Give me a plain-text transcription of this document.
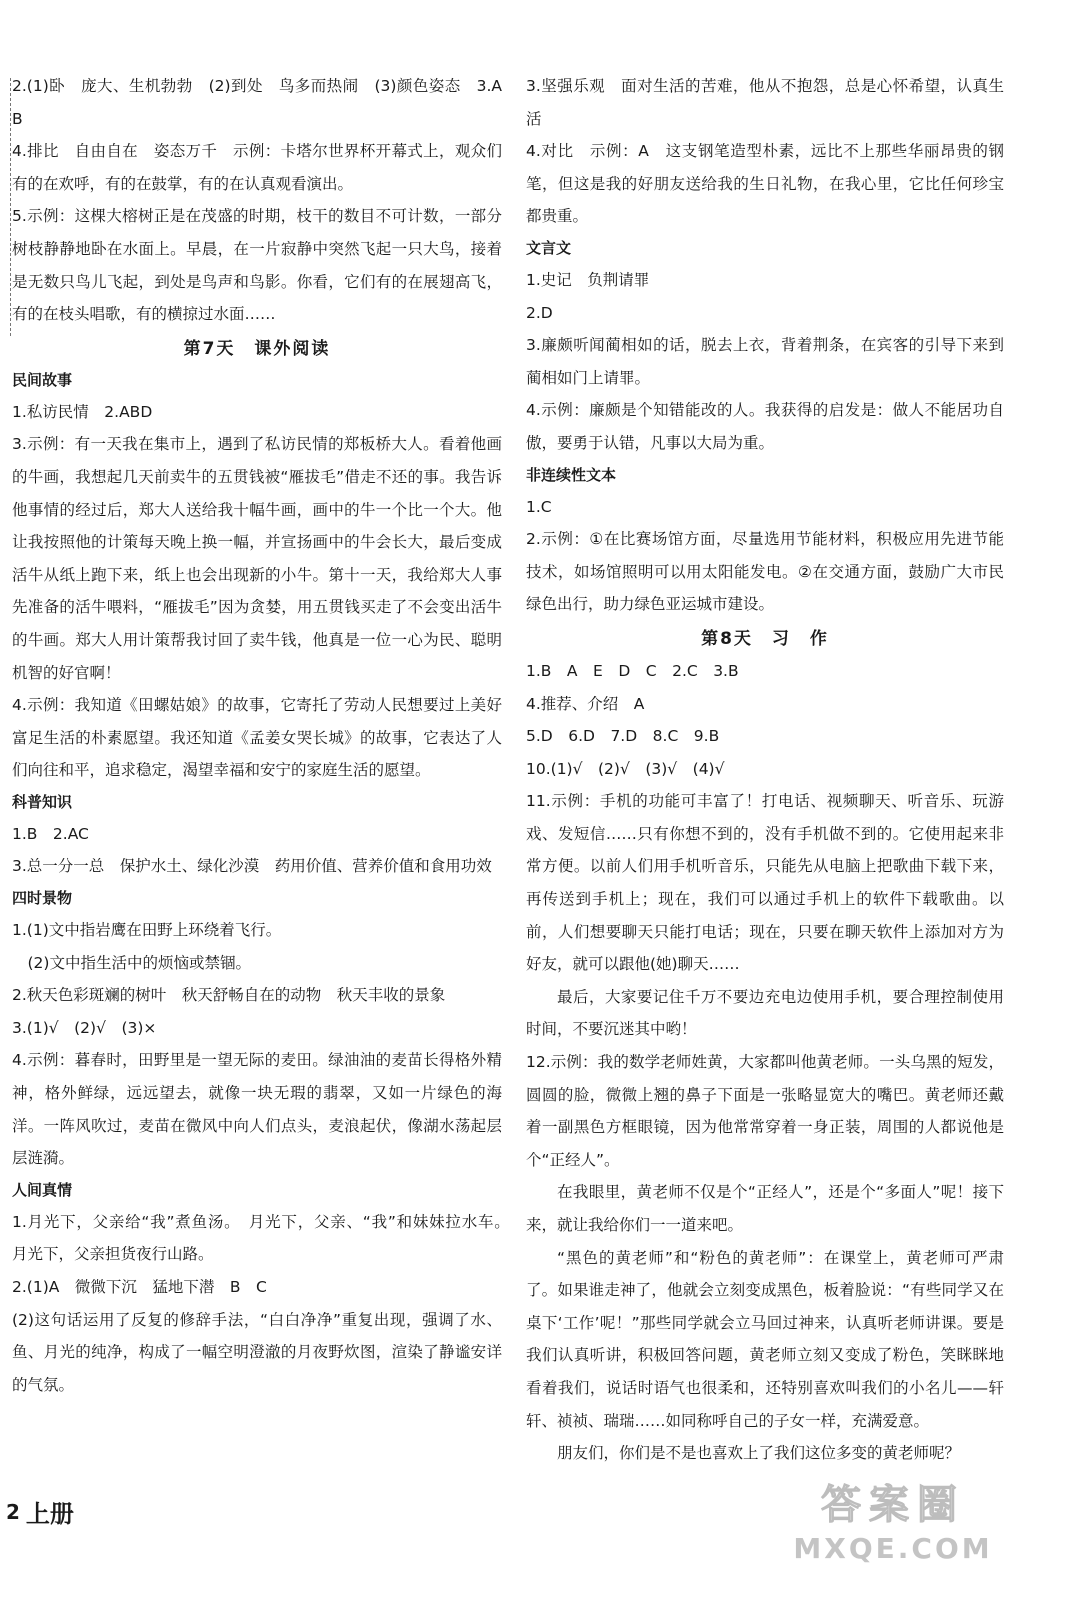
2.(1)卧　庞大、生机勃勃　(2)到处　鸟多而热闹　(3)颜色姿态　3.A　B

4.排比　自由自在　姿态万千　示例：卡塔尔世界杯开幕式上，观众们有的在欢呼，有的在鼓掌，有的在认真观看演出。

5.示例：这棵大榕树正是在茂盛的时期，枝干的数目不可计数，一部分树枝静静地卧在水面上。早晨，在一片寂静中突然飞起一只大鸟，接着是无数只鸟儿飞起，到处是鸟声和鸟影。你看，它们有的在展翅高飞，有的在枝头唱歌，有的横掠过水面……

第7天　课外阅读
民间故事

1.私访民情　2.ABD

3.示例：有一天我在集市上，遇到了私访民情的郑板桥大人。看着他画的牛画，我想起几天前卖牛的五贯钱被“雁拔毛”借走不还的事。我告诉他事情的经过后，郑大人送给我十幅牛画，画中的牛一个比一个大。他让我按照他的计策每天晚上换一幅，并宣扬画中的牛会长大，最后变成活牛从纸上跑下来，纸上也会出现新的小牛。第十一天，我给郑大人事先准备的活牛喂料，“雁拔毛”因为贪婪，用五贯钱买走了不会变出活牛的牛画。郑大人用计策帮我讨回了卖牛钱，他真是一位一心为民、聪明机智的好官啊！

4.示例：我知道《田螺姑娘》的故事，它寄托了劳动人民想要过上美好富足生活的朴素愿望。我还知道《孟姜女哭长城》的故事，它表达了人们向往和平，追求稳定，渴望幸福和安宁的家庭生活的愿望。

科普知识

1.B　2.AC

3.总一分一总　保护水土、绿化沙漠　药用价值、营养价值和食用功效

四时景物

1.(1)文中指岩鹰在田野上环绕着飞行。

　(2)文中指生活中的烦恼或禁锢。

2.秋天色彩斑斓的树叶　秋天舒畅自在的动物　秋天丰收的景象

3.(1)√　(2)√　(3)×

4.示例：暮春时，田野里是一望无际的麦田。绿油油的麦苗长得格外精神，格外鲜绿，远远望去，就像一块无瑕的翡翠，又如一片绿色的海洋。一阵风吹过，麦苗在微风中向人们点头，麦浪起伏，像湖水荡起层层涟漪。

人间真情

1.月光下，父亲给“我”煮鱼汤。　月光下，父亲、“我”和妹妹拉水车。　月光下，父亲担货夜行山路。

2.(1)A　微微下沉　猛地下潜　B　C

(2)这句话运用了反复的修辞手法，“白白净净”重复出现，强调了水、鱼、月光的纯净，构成了一幅空明澄澈的月夜野炊图，渲染了静谧安详的气氛。

3.坚强乐观　面对生活的苦难，他从不抱怨，总是心怀希望，认真生活

4.对比　示例：A　这支钢笔造型朴素，远比不上那些华丽昂贵的钢笔，但这是我的好朋友送给我的生日礼物，在我心里，它比任何珍宝都贵重。

文言文

1.史记　负荆请罪

2.D

3.廉颇听闻蔺相如的话，脱去上衣，背着荆条，在宾客的引导下来到蔺相如门上请罪。

4.示例：廉颇是个知错能改的人。我获得的启发是：做人不能居功自傲，要勇于认错，凡事以大局为重。

非连续性文本

1.C

2.示例：①在比赛场馆方面，尽量选用节能材料，积极应用先进节能技术，如场馆照明可以用太阳能发电。②在交通方面，鼓励广大市民绿色出行，助力绿色亚运城市建设。

第8天　习　作

1.B　A　E　D　C　2.C　3.B

4.推荐、介绍　A

5.D　6.D　7.D　8.C　9.B

10.(1)√　(2)√　(3)√　(4)√

11.示例：手机的功能可丰富了！打电话、视频聊天、听音乐、玩游戏、发短信……只有你想不到的，没有手机做不到的。它使用起来非常方便。以前人们用手机听音乐，只能先从电脑上把歌曲下载下来，再传送到手机上；现在，我们可以通过手机上的软件下载歌曲。以前，人们想要聊天只能打电话；现在，只要在聊天软件上添加对方为好友，就可以跟他(她)聊天……

最后，大家要记住千万不要边充电边使用手机，要合理控制使用时间，不要沉迷其中哟！

12.示例：我的数学老师姓黄，大家都叫他黄老师。一头乌黑的短发，圆圆的脸，微微上翘的鼻子下面是一张略显宽大的嘴巴。黄老师还戴着一副黑色方框眼镜，因为他常常穿着一身正装，周围的人都说他是个“正经人”。

在我眼里，黄老师不仅是个“正经人”，还是个“多面人”呢！接下来，就让我给你们一一道来吧。

“黑色的黄老师”和“粉色的黄老师”：在课堂上，黄老师可严肃了。如果谁走神了，他就会立刻变成黑色，板着脸说：“有些同学又在桌下‘工作’呢！”那些同学就会立马回过神来，认真听老师讲课。要是我们认真听讲，积极回答问题，黄老师立刻又变成了粉色，笑眯眯地看着我们，说话时语气也很柔和，还特别喜欢叫我们的小名儿——轩轩、祯祯、瑞瑞……如同称呼自己的子女一样，充满爱意。

朋友们，你们是不是也喜欢上了我们这位多变的黄老师呢？

2 上册	答案圈
MXQE.COM
